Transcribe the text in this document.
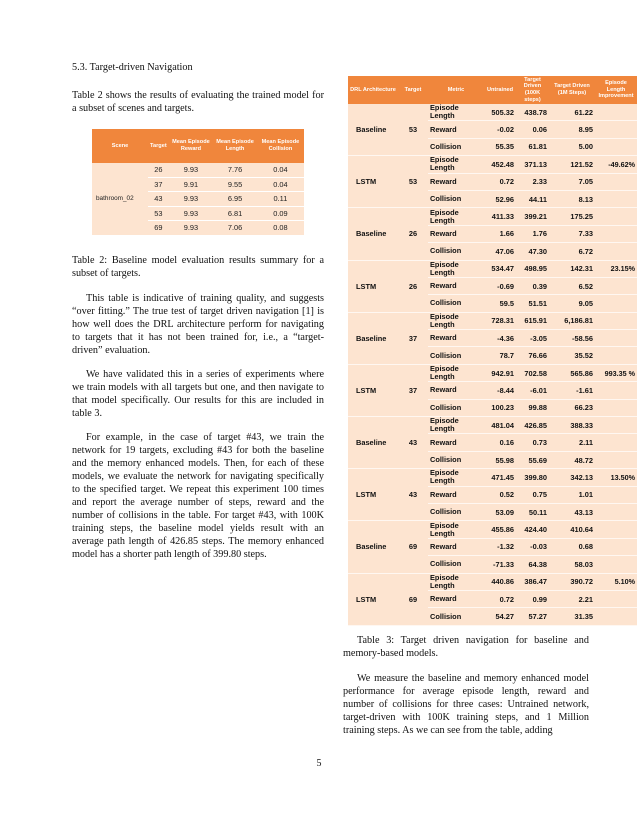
5.3. Target-driven Navigation

Table 2 shows the results of evaluating the trained model for a subset of scenes and targets.

Scene	Target	Mean Episode Reward	Mean Episode Length	Mean Episode Collision
bathroom_02	26	9.93	7.76	0.04
	37	9.91	9.55	0.04
	43	9.93	6.95	0.11
	53	9.93	6.81	0.09
	69	9.93	7.06	0.08

Table 2: Baseline model evaluation results summary for a subset of targets.

This table is indicative of training quality, and suggests “over fitting.” The true test of target driven navigation [1] is how well does the DRL architecture perform for navigating to targets that it has not been trained for, i.e., a “target-driven” evaluation.

We have validated this in a series of experiments where we train models with all targets but one, and then navigate to that model specifically. Our results for this are included in table 3.

For example, in the case of target #43, we train the network for 19 targets, excluding #43 for both the baseline and the memory enhanced models. Then, for each of these models, we evaluate the network for navigating specifically to the specified target. We repeat this experiment 100 times and report the average number of steps, reward and the number of collisions in the table. For target #43, with 100K training steps, the baseline model yields result with an average path length of 426.85 steps. The memory enhanced model has a shorter path length of 399.80 steps.

DRL Architecture	Target	Metric	Untrained	Target Driven (100K steps)	Target Driven (1M Steps)	Episode Length Improvement
Baseline	53	Episode Length	505.32	438.78	61.22	
		Reward	-0.02	0.06	8.95	
		Collision	55.35	61.81	5.00	
LSTM	53	Episode Length	452.48	371.13	121.52	-49.62%
		Reward	0.72	2.33	7.05	
		Collision	52.96	44.11	8.13	
Baseline	26	Episode Length	411.33	399.21	175.25	
		Reward	1.66	1.76	7.33	
		Collision	47.06	47.30	6.72	
LSTM	26	Episode Length	534.47	498.95	142.31	23.15%
		Reward	-0.69	0.39	6.52	
		Collision	59.5	51.51	9.05	
Baseline	37	Episode Length	728.31	615.91	6,186.81	
		Reward	-4.36	-3.05	-58.56	
		Collision	78.7	76.66	35.52	
LSTM	37	Episode Length	942.91	702.58	565.86	993.35 %
		Reward	-8.44	-6.01	-1.61	
		Collision	100.23	99.88	66.23	
Baseline	43	Episode Length	481.04	426.85	388.33	
		Reward	0.16	0.73	2.11	
		Collision	55.98	55.69	48.72	
LSTM	43	Episode Length	471.45	399.80	342.13	13.50%
		Reward	0.52	0.75	1.01	
		Collision	53.09	50.11	43.13	
Baseline	69	Episode Length	455.86	424.40	410.64	
		Reward	-1.32	-0.03	0.68	
		Collision	-71.33	64.38	58.03	
LSTM	69	Episode Length	440.86	386.47	390.72	5.10%
		Reward	0.72	0.99	2.21	
		Collision	54.27	57.27	31.35	

Table 3: Target driven navigation for baseline and memory-based models.

We measure the baseline and memory enhanced model performance for average episode length, reward and number of collisions for three cases: Untrained network, target-driven with 100K training steps, and 1 Million training steps. As we can see from the table, adding

5
